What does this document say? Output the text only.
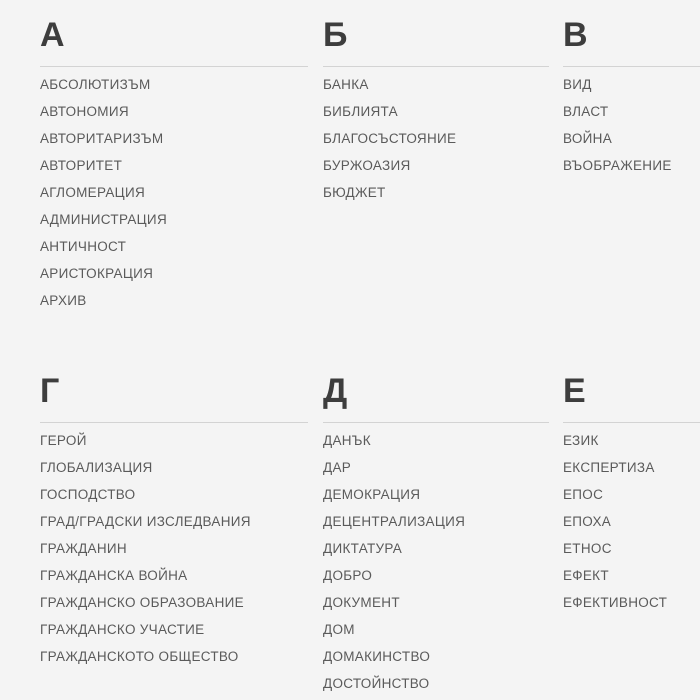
А
АБСОЛЮТИЗЪМ
АВТОНОМИЯ
АВТОРИТАРИЗЪМ
АВТОРИТЕТ
АГЛОМЕРАЦИЯ
АДМИНИСТРАЦИЯ
АНТИЧНОСТ
АРИСТОКРАЦИЯ
АРХИВ
Б
БАНКА
БИБЛИЯТА
БЛАГОСЪСТОЯНИЕ
БУРЖОАЗИЯ
БЮДЖЕТ
В
ВИД
ВЛАСТ
ВОЙНА
ВЪОБРАЖЕНИЕ
Г
ГЕРОЙ
ГЛОБАЛИЗАЦИЯ
ГОСПОДСТВО
ГРАД/ГРАДСКИ ИЗСЛЕДВАНИЯ
ГРАЖДАНИН
ГРАЖДАНСКА ВОЙНА
ГРАЖДАНСКО ОБРАЗОВАНИЕ
ГРАЖДАНСКО УЧАСТИЕ
ГРАЖДАНСКОТО ОБЩЕСТВО
Д
ДАНЪК
ДАР
ДЕМОКРАЦИЯ
ДЕЦЕНТРАЛИЗАЦИЯ
ДИКТАТУРА
ДОБРО
ДОКУМЕНТ
ДОМ
ДОМАКИНСТВО
ДОСТОЙНСТВО
Е
ЕЗИК
ЕКСПЕРТИЗА
ЕПОС
ЕПОХА
ЕТНОС
ЕФЕКТ
ЕФЕКТИВНОСТ
